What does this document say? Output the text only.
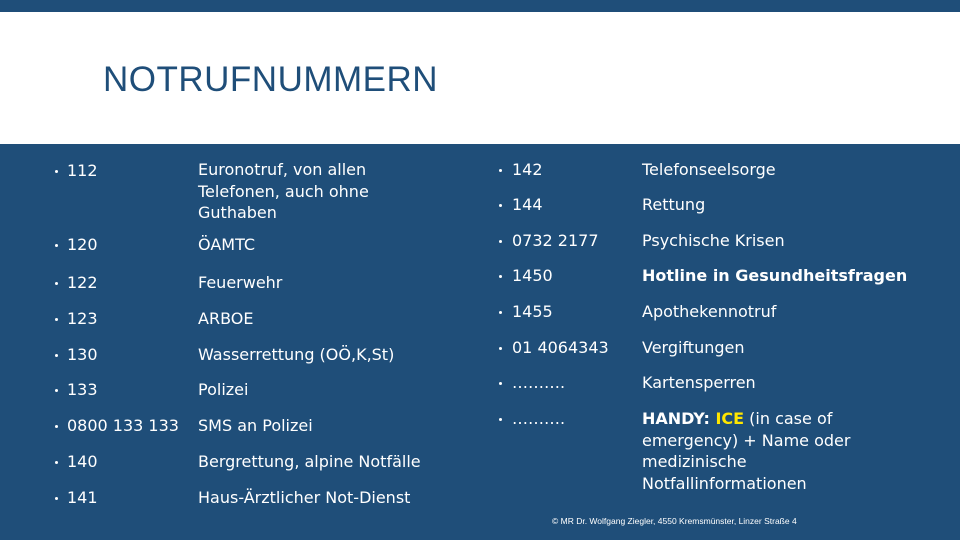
NOTRUFNUMMERN
112	Euronotruf, von allen Telefonen, auch ohne Guthaben
120	ÖAMTC
122	Feuerwehr
123	ARBOE
130	Wasserrettung (OÖ,K,St)
133	Polizei
0800 133 133 SMS an Polizei
140	Bergrettung, alpine Notfälle
141	Haus-Ärztlicher Not-Dienst
142	Telefonseelsorge
144	Rettung
0732 2177	Psychische Krisen
1450	Hotline in Gesundheitsfragen
1455	Apothekennotruf
01 4064343 Vergiftungen
……….	Kartensperren
……….	HANDY: ICE (in case of emergency) + Name oder medizinische Notfallinformationen
© MR Dr. Wolfgang Ziegler, 4550 Kremsmünster, Linzer Straße 4
